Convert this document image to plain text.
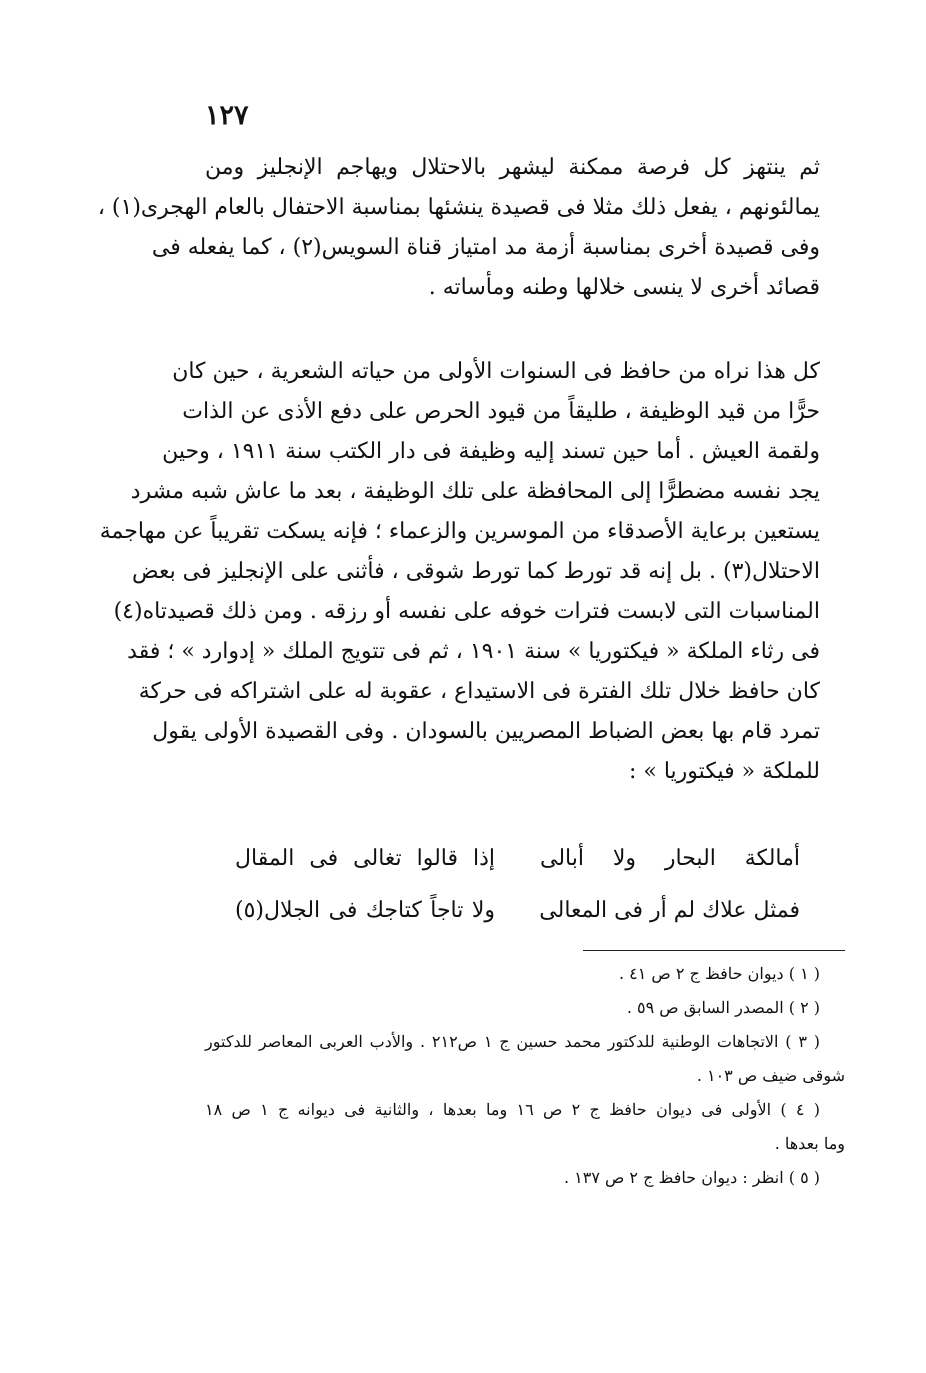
١٢٧
ثم ينتهز كل فرصة ممكنة ليشهر بالاحتلال ويهاجم الإنجليز ومن
يمالئونهم ، يفعل ذلك مثلا فى قصيدة ينشئها بمناسبة الاحتفال بالعام الهجرى(١) ،
وفى قصيدة أخرى بمناسبة أزمة مد امتياز قناة السويس(٢) ، كما يفعله فى
قصائد أخرى لا ينسى خلالها وطنه ومأساته .
كل هذا نراه من حافظ فى السنوات الأولى من حياته الشعرية ، حين كان
حرًّا من قيد الوظيفة ، طليقاً من قيود الحرص على دفع الأذى عن الذات
ولقمة العيش . أما حين تسند إليه وظيفة فى دار الكتب سنة ١٩١١ ، وحين
يجد نفسه مضطرًّا إلى المحافظة على تلك الوظيفة ، بعد ما عاش شبه مشرد
يستعين برعاية الأصدقاء من الموسرين والزعماء ؛ فإنه يسكت تقريباً عن مهاجمة
الاحتلال(٣) . بل إنه قد تورط كما تورط شوقى ، فأثنى على الإنجليز فى بعض
المناسبات التى لابست فترات خوفه على نفسه أو رزقه . ومن ذلك قصيدتاه(٤)
فى رثاء الملكة « فيكتوريا » سنة ١٩٠١ ، ثم فى تتويج الملك « إدوارد » ؛ فقد
كان حافظ خلال تلك الفترة فى الاستيداع ، عقوبة له على اشتراكه فى حركة
تمرد قام بها بعض الضباط المصريين بالسودان . وفى القصيدة الأولى يقول
للملكة « فيكتوريا » :
أمالكة البحار ولا أبالى
إذا قالوا تغالى فى المقال
فمثل علاك لم أر فى المعالى
ولا تاجاً كتاجك فى الجلال(٥)
( ١ ) ديوان حافظ ج ٢ ص ٤١ .
( ٢ ) المصدر السابق ص ٥٩ .
( ٣ ) الاتجاهات الوطنية للدكتور محمد حسين ج ١ ص٢١٢ . والأدب العربى المعاصر للدكتور
شوقى ضيف ص ١٠٣ .
( ٤ ) الأولى فى ديوان حافظ ج ٢ ص ١٦ وما بعدها ، والثانية فى ديوانه ج ١ ص ١٨
وما بعدها .
( ٥ ) انظر : ديوان حافظ ج ٢ ص ١٣٧ .
